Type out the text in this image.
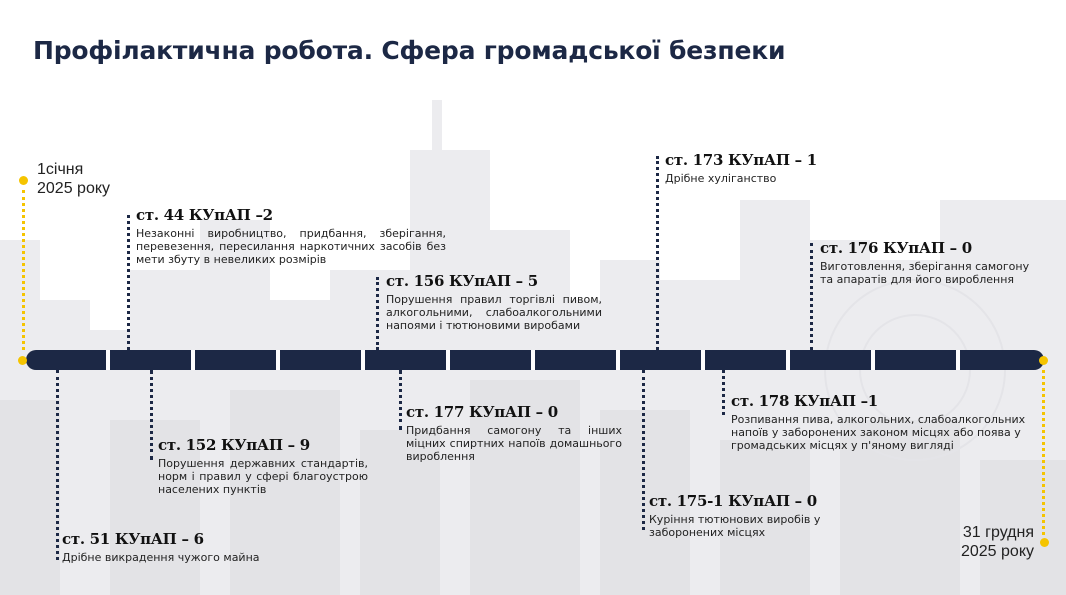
Профілактична робота. Сфера громадської безпеки
1січня
2025 року
31 грудня
2025 року
ст. 44 КУпАП –2

Незаконні виробництво, придбання, зберігання, перевезення, пересилання наркотичних засобів без мети збуту в невеликих розмірів

ст. 156 КУпАП – 5

Порушення правил торгівлі пивом, алкогольними, слабоалкогольними напоями і тютюновими виробами

ст. 173 КУпАП – 1

Дрібне хуліганство

ст. 176 КУпАП – 0

Виготовлення, зберігання самогону та апаратів для його вироблення

ст. 51 КУпАП – 6

Дрібне викрадення чужого майна

ст. 152 КУпАП – 9

Порушення державних стандартів, норм і правил у сфері благоустрою населених пунктів

ст. 177 КУпАП – 0

Придбання самогону та інших міцних спиртних напоїв домашнього вироблення

ст. 175-1 КУпАП – 0

Куріння тютюнових виробів у заборонених місцях

ст. 178 КУпАП –1

Розпивання пива, алкогольних, слабоалкогольних напоїв у заборонених законом місцях або поява у громадських місцях у п'яному вигляді
